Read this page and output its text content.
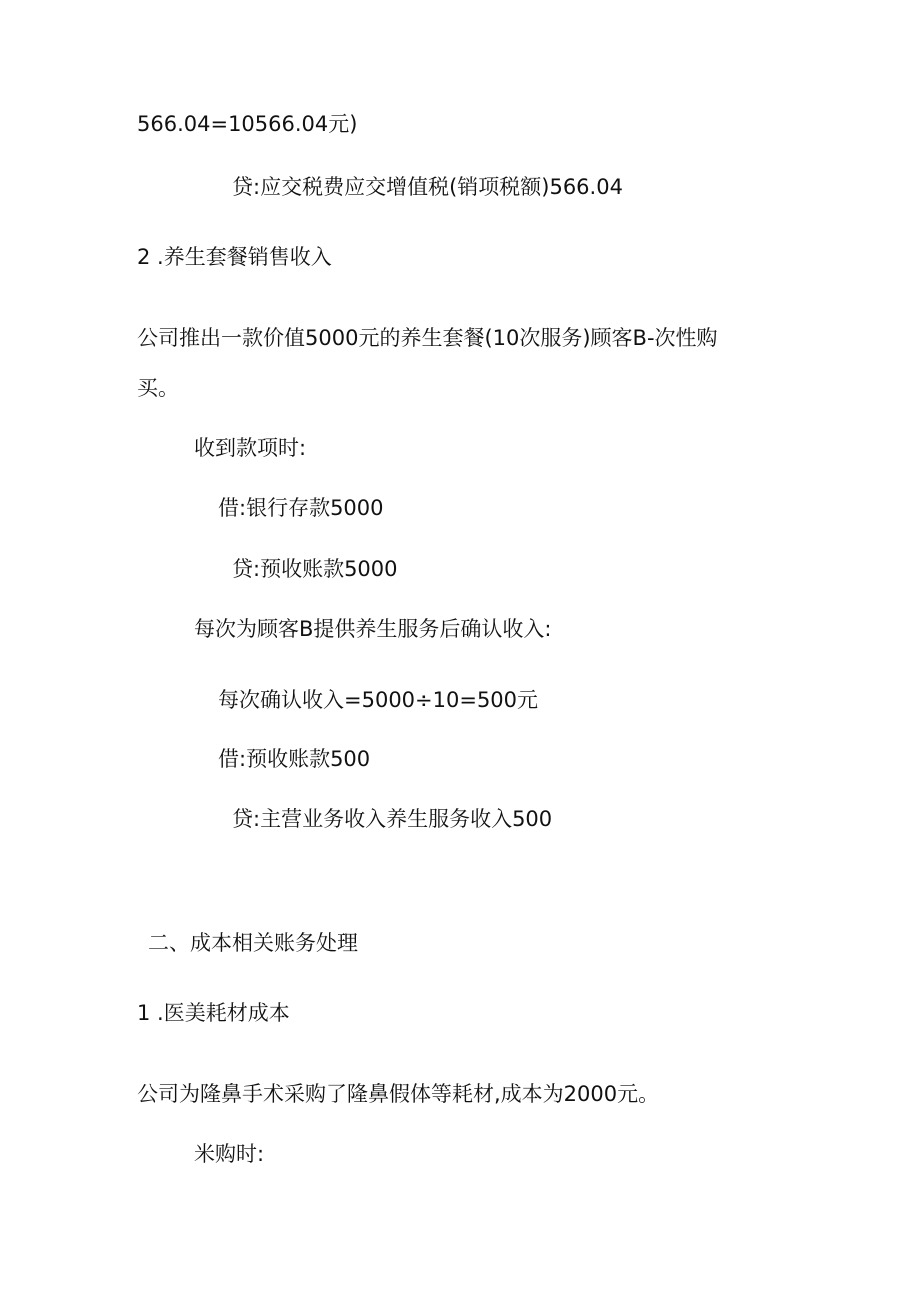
566.04=10566.04元)
贷:应交税费应交增值税(销项税额)566.04
2 .养生套餐销售收入
公司推出一款价值5000元的养生套餐(10次服务)顾客B-次性购
买。
收到款项时:
借:银行存款5000
贷:预收账款5000
每次为顾客B提供养生服务后确认收入:
每次确认收入=5000÷10=500元
借:预收账款500
贷:主营业务收入养生服务收入500
二、成本相关账务处理
1 .医美耗材成本
公司为隆鼻手术采购了隆鼻假体等耗材,成本为2000元。
米购时:
